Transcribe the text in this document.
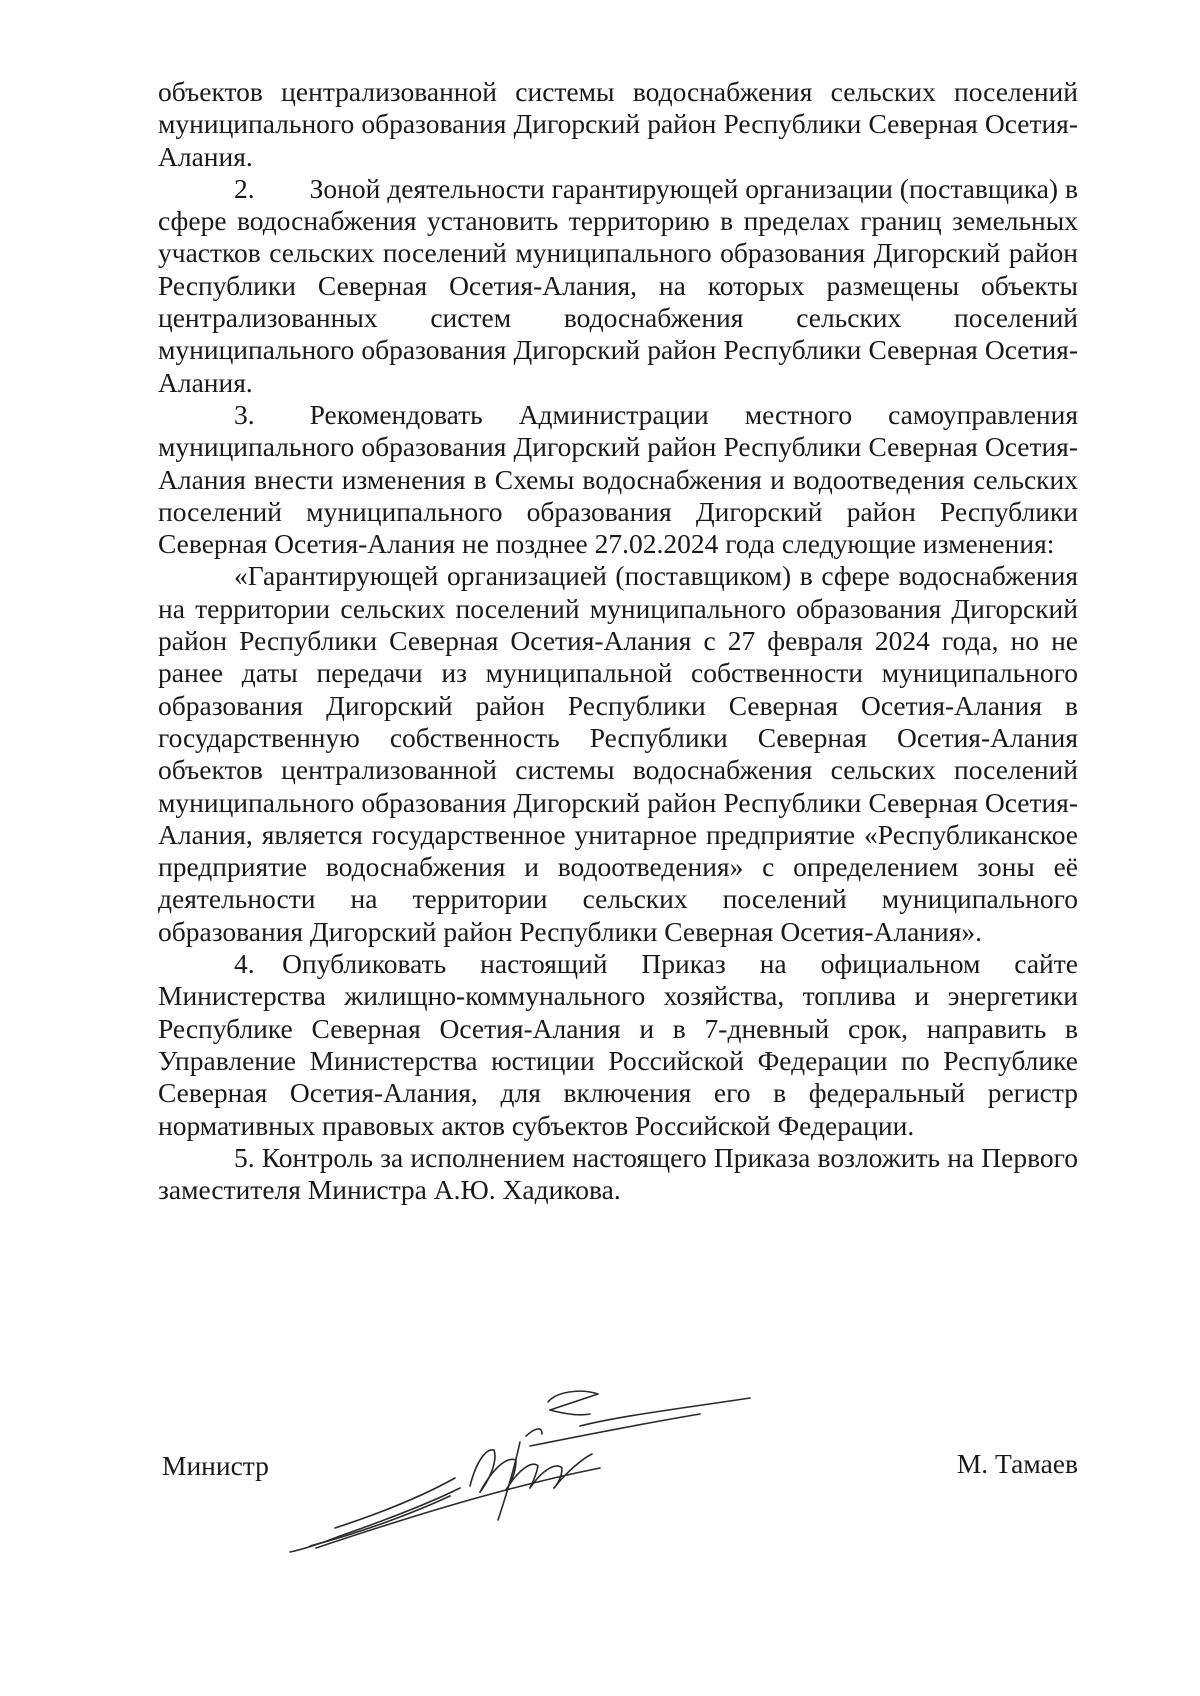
объектов централизованной системы водоснабжения сельских поселений муниципального образования Дигорский район Республики Северная Осетия-Алания.

2.  Зоной деятельности гарантирующей организации (поставщика) в сфере водоснабжения установить территорию в пределах границ земельных участков сельских поселений муниципального образования Дигорский район Республики Северная Осетия-Алания, на которых размещены объекты централизованных систем водоснабжения сельских поселений муниципального образования Дигорский район Республики Северная Осетия-Алания.

3.  Рекомендовать Администрации местного самоуправления муниципального образования Дигорский район Республики Северная Осетия-Алания внести изменения в Схемы водоснабжения и водоотведения сельских поселений муниципального образования Дигорский район Республики Северная Осетия-Алания не позднее 27.02.2024 года следующие изменения:

«Гарантирующей организацией (поставщиком) в сфере водоснабжения на территории сельских поселений муниципального образования Дигорский район Республики Северная Осетия-Алания с 27 февраля 2024 года, но не ранее даты передачи из муниципальной собственности муниципального образования Дигорский район Республики Северная Осетия-Алания в государственную собственность Республики Северная Осетия-Алания объектов централизованной системы водоснабжения сельских поселений муниципального образования Дигорский район Республики Северная Осетия-Алания, является государственное унитарное предприятие «Республиканское предприятие водоснабжения и водоотведения» с определением зоны её деятельности на территории сельских поселений муниципального образования Дигорский район Республики Северная Осетия-Алания».

4. Опубликовать настоящий Приказ на официальном сайте Министерства жилищно-коммунального хозяйства, топлива и энергетики Республике Северная Осетия-Алания и в 7-дневный срок, направить в Управление Министерства юстиции Российской Федерации по Республике Северная Осетия-Алания, для включения его в федеральный регистр нормативных правовых актов субъектов Российской Федерации.

5. Контроль за исполнением настоящего Приказа возложить на Первого заместителя Министра А.Ю. Хадикова.

Министр	М. Тамаев
